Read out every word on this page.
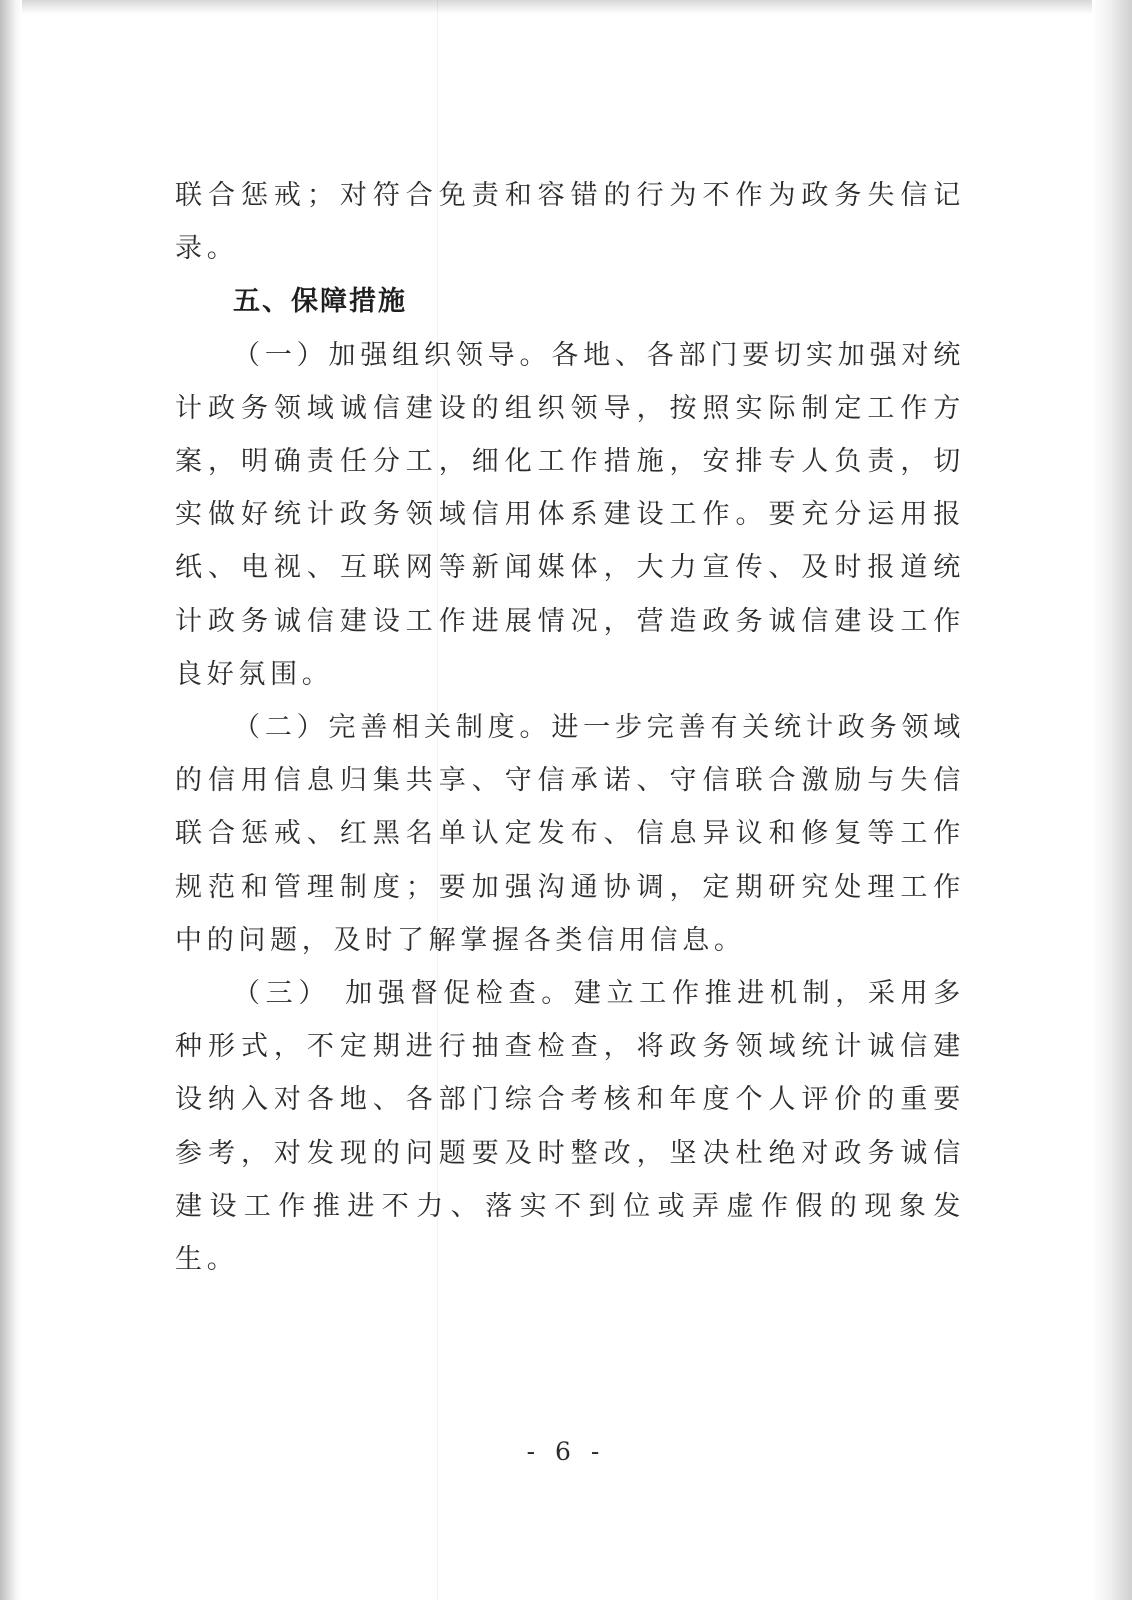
联合惩戒；对符合免责和容错的行为不作为政务失信记录。

五、保障措施

（一）加强组织领导。各地、各部门要切实加强对统计政务领域诚信建设的组织领导，按照实际制定工作方案，明确责任分工，细化工作措施，安排专人负责，切实做好统计政务领域信用体系建设工作。要充分运用报纸、电视、互联网等新闻媒体，大力宣传、及时报道统计政务诚信建设工作进展情况，营造政务诚信建设工作良好氛围。

（二）完善相关制度。进一步完善有关统计政务领域的信用信息归集共享、守信承诺、守信联合激励与失信联合惩戒、红黑名单认定发布、信息异议和修复等工作规范和管理制度；要加强沟通协调，定期研究处理工作中的问题，及时了解掌握各类信用信息。

（三） 加强督促检查。建立工作推进机制，采用多种形式，不定期进行抽查检查，将政务领域统计诚信建设纳入对各地、各部门综合考核和年度个人评价的重要参考，对发现的问题要及时整改，坚决杜绝对政务诚信建设工作推进不力、落实不到位或弄虚作假的现象发生。

- 6 -
